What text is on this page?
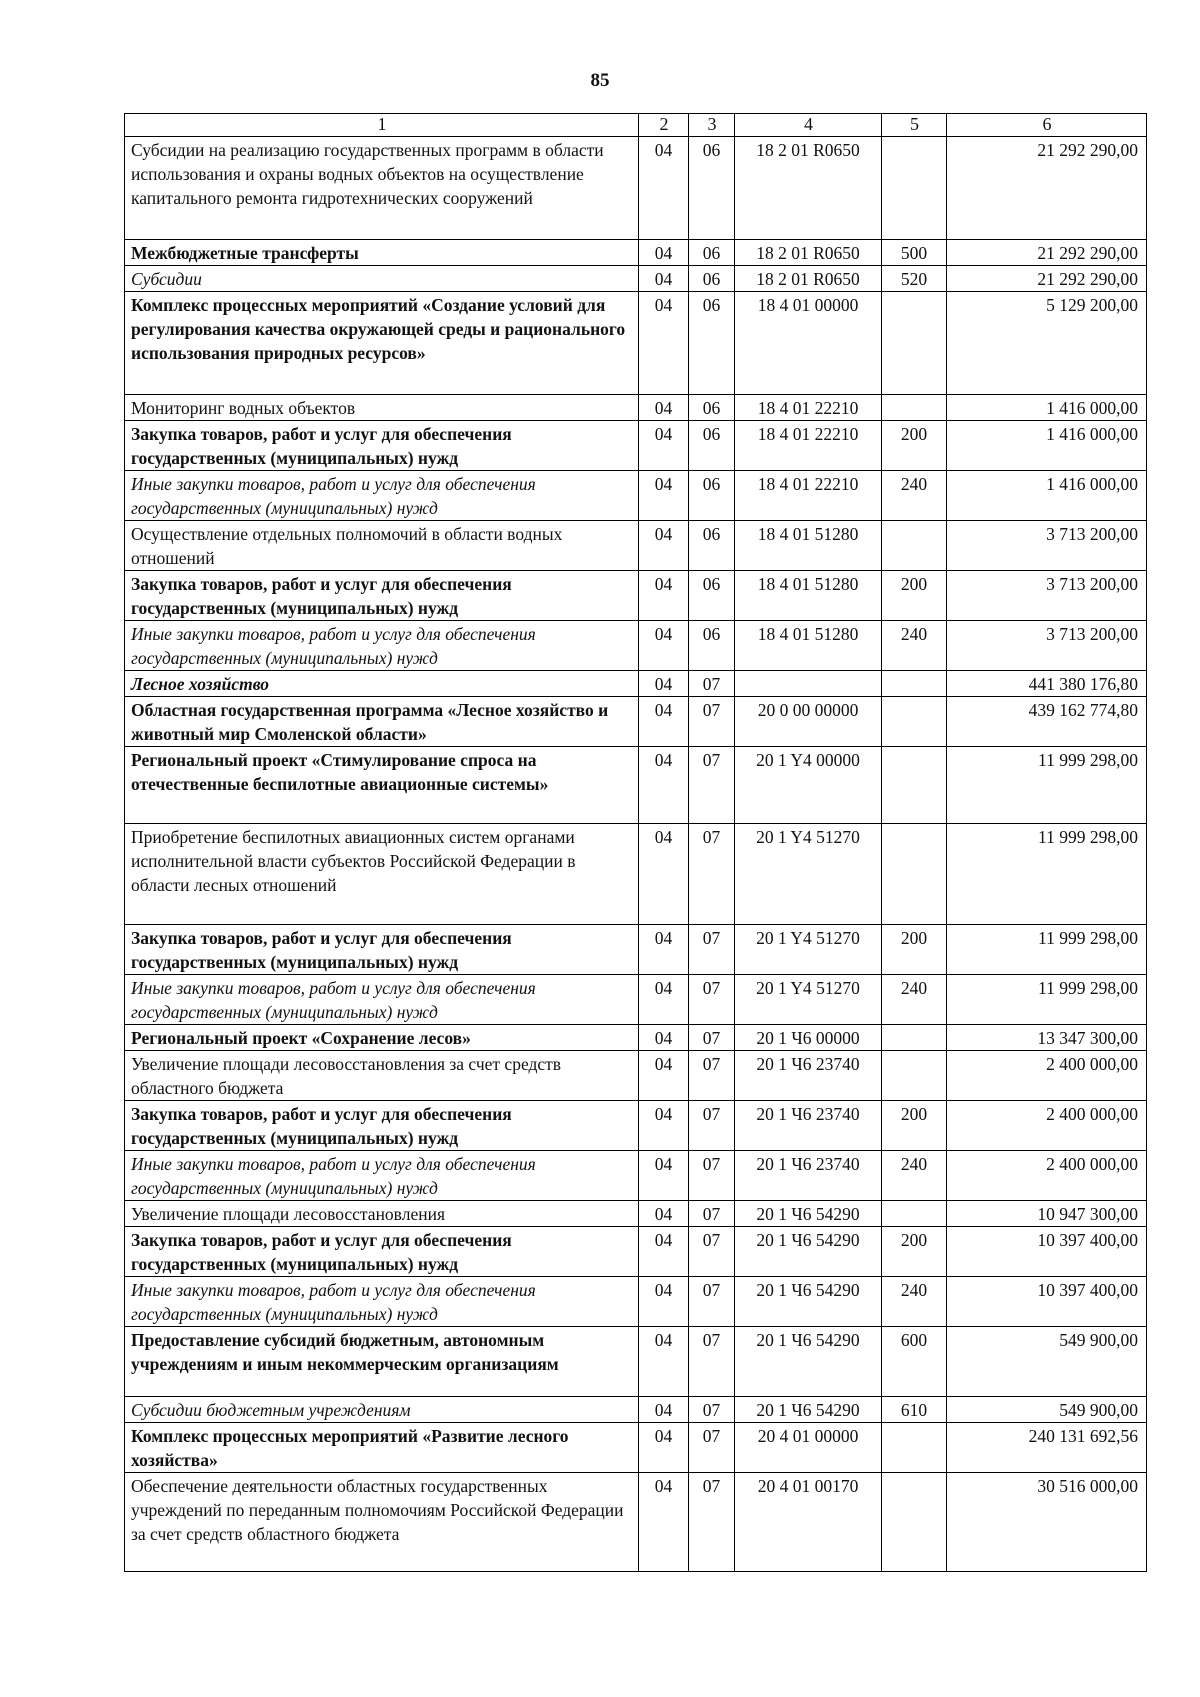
85
1	2	3	4	5	6
Субсидии на реализацию государственных программ в области использования и охраны водных объектов на осуществление капитального ремонта гидротехнических сооружений	04	06	18 2 01 R0650		21 292 290,00
Межбюджетные трансферты	04	06	18 2 01 R0650	500	21 292 290,00
Субсидии	04	06	18 2 01 R0650	520	21 292 290,00
Комплекс процессных мероприятий «Создание условий для регулирования качества окружающей среды и рационального использования природных ресурсов»	04	06	18 4 01 00000		5 129 200,00
Мониторинг водных объектов	04	06	18 4 01 22210		1 416 000,00
Закупка товаров, работ и услуг для обеспечения государственных (муниципальных) нужд	04	06	18 4 01 22210	200	1 416 000,00
Иные закупки товаров, работ и услуг для обеспечения государственных (муниципальных) нужд	04	06	18 4 01 22210	240	1 416 000,00
Осуществление отдельных полномочий в области водных отношений	04	06	18 4 01 51280		3 713 200,00
Закупка товаров, работ и услуг для обеспечения государственных (муниципальных) нужд	04	06	18 4 01 51280	200	3 713 200,00
Иные закупки товаров, работ и услуг для обеспечения государственных (муниципальных) нужд	04	06	18 4 01 51280	240	3 713 200,00
Лесное хозяйство	04	07			441 380 176,80
Областная государственная программа «Лесное хозяйство и животный мир Смоленской области»	04	07	20 0 00 00000		439 162 774,80
Региональный проект «Стимулирование спроса на отечественные беспилотные авиационные системы»	04	07	20 1 Y4 00000		11 999 298,00
Приобретение беспилотных авиационных систем органами исполнительной власти субъектов Российской Федерации в области лесных отношений	04	07	20 1 Y4 51270		11 999 298,00
Закупка товаров, работ и услуг для обеспечения государственных (муниципальных) нужд	04	07	20 1 Y4 51270	200	11 999 298,00
Иные закупки товаров, работ и услуг для обеспечения государственных (муниципальных) нужд	04	07	20 1 Y4 51270	240	11 999 298,00
Региональный проект «Сохранение лесов»	04	07	20 1 Ч6 00000		13 347 300,00
Увеличение площади лесовосстановления за счет средств областного бюджета	04	07	20 1 Ч6 23740		2 400 000,00
Закупка товаров, работ и услуг для обеспечения государственных (муниципальных) нужд	04	07	20 1 Ч6 23740	200	2 400 000,00
Иные закупки товаров, работ и услуг для обеспечения государственных (муниципальных) нужд	04	07	20 1 Ч6 23740	240	2 400 000,00
Увеличение площади лесовосстановления	04	07	20 1 Ч6 54290		10 947 300,00
Закупка товаров, работ и услуг для обеспечения государственных (муниципальных) нужд	04	07	20 1 Ч6 54290	200	10 397 400,00
Иные закупки товаров, работ и услуг для обеспечения государственных (муниципальных) нужд	04	07	20 1 Ч6 54290	240	10 397 400,00
Предоставление субсидий бюджетным, автономным учреждениям и иным некоммерческим организациям	04	07	20 1 Ч6 54290	600	549 900,00
Субсидии бюджетным учреждениям	04	07	20 1 Ч6 54290	610	549 900,00
Комплекс процессных мероприятий «Развитие лесного хозяйства»	04	07	20 4 01 00000		240 131 692,56
Обеспечение деятельности областных государственных учреждений по переданным полномочиям Российской Федерации за счет средств областного бюджета	04	07	20 4 01 00170		30 516 000,00
